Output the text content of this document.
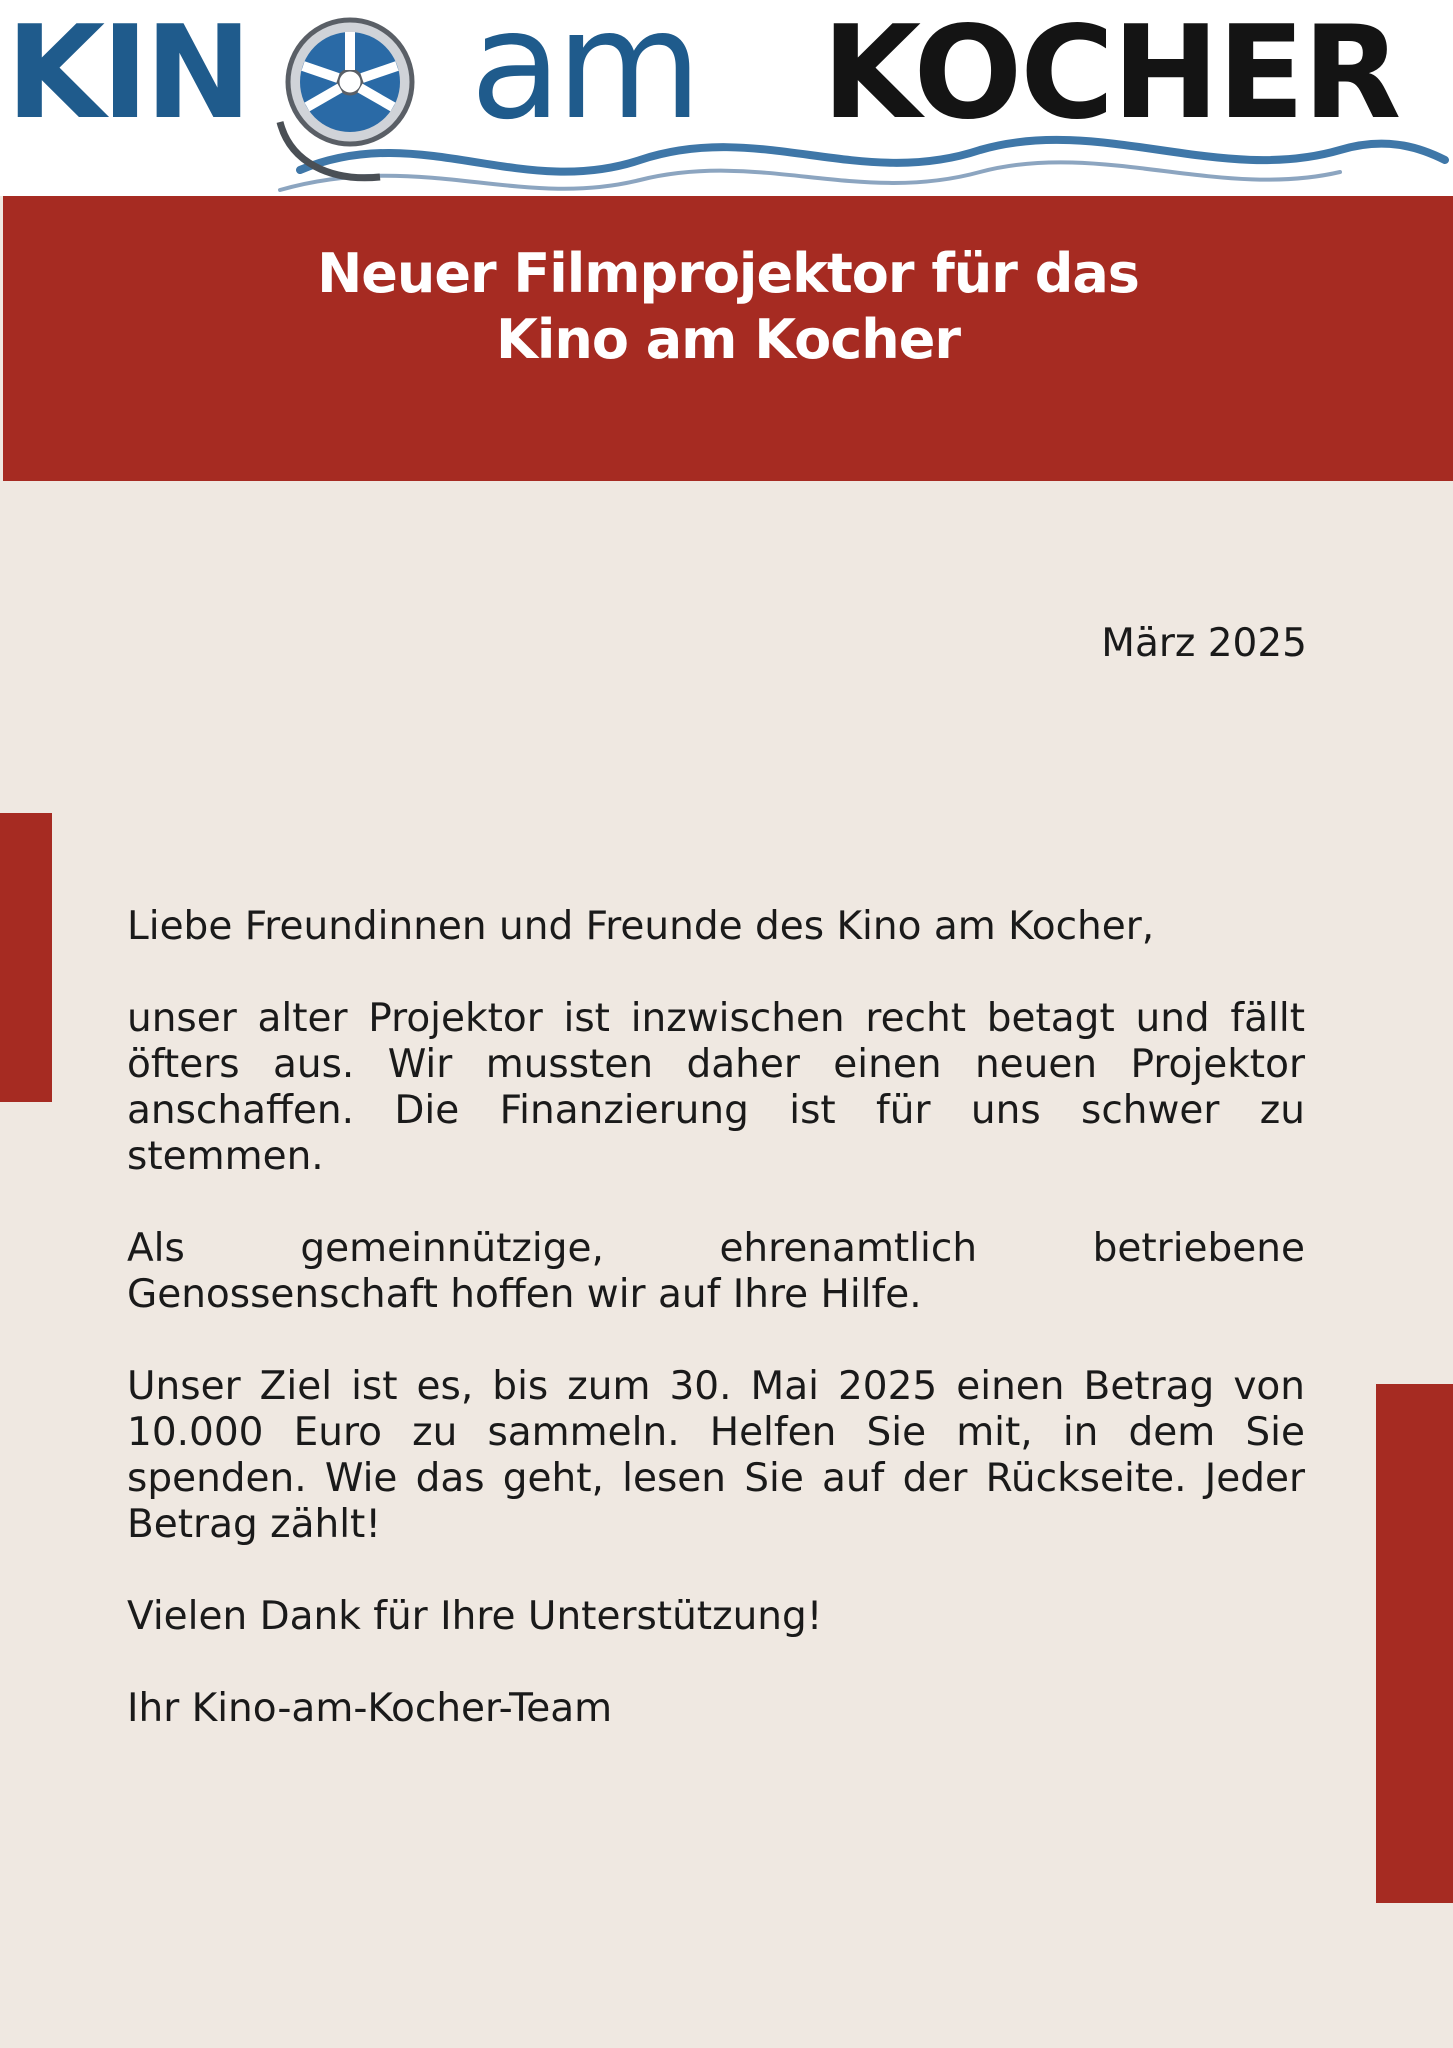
KIN am KOCHER
Neuer Filmprojektor für das
Kino am Kocher
März 2025

Liebe Freundinnen und Freunde des Kino am Kocher,

unser alter Projektor ist inzwischen recht betagt und fällt öfters aus. Wir mussten daher einen neuen Projektor anschaffen. Die Finanzierung ist für uns schwer zu stemmen.

Als gemeinnützige, ehrenamtlich betriebene Genossenschaft hoffen wir auf Ihre Hilfe.

Unser Ziel ist es, bis zum 30. Mai 2025 einen Betrag von 10.000 Euro zu sammeln. Helfen Sie mit, in dem Sie spenden. Wie das geht, lesen Sie auf der Rückseite. Jeder Betrag zählt!

Vielen Dank für Ihre Unterstützung!

Ihr Kino-am-Kocher-Team
